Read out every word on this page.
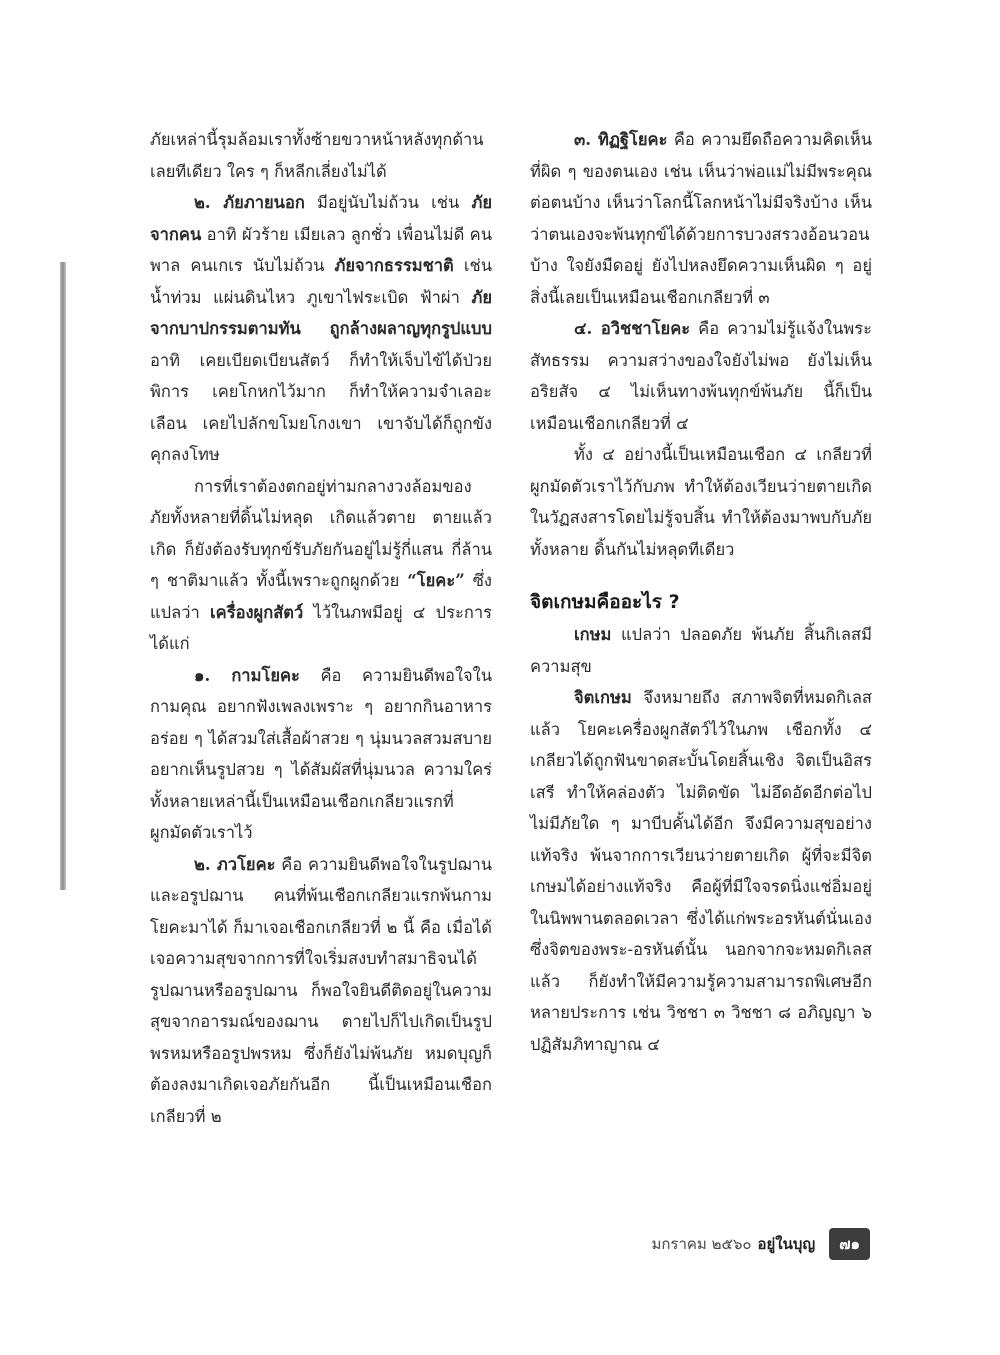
ภัยเหล่านี้รุมล้อมเราทั้งซ้ายขวาหน้าหลังทุกด้านเลยทีเดียว ใคร ๆ ก็หลีกเลี่ยงไม่ได้

๒. ภัยภายนอก มีอยู่นับไม่ถ้วน เช่น ภัยจากคน อาทิ ผัวร้าย เมียเลว ลูกชั่ว เพื่อนไม่ดี คนพาล คนเกเร นับไม่ถ้วน ภัยจากธรรมชาติ เช่น น้ำท่วม แผ่นดินไหว ภูเขาไฟระเบิด ฟ้าผ่า ภัยจากบาปกรรมตามทัน ถูกล้างผลาญทุกรูปแบบ อาทิ เคยเบียดเบียนสัตว์ ก็ทำให้เจ็บไข้ได้ป่วย พิการ เคยโกหกไว้มาก ก็ทำให้ความจำเลอะเลือน เคยไปลักขโมยโกงเขา เขาจับได้ก็ถูกขังคุกลงโทษ

การที่เราต้องตกอยู่ท่ามกลางวงล้อมของภัยทั้งหลายที่ดิ้นไม่หลุด เกิดแล้วตาย ตายแล้วเกิด ก็ยังต้องรับทุกข์รับภัยกันอยู่ไม่รู้กี่แสน กี่ล้าน ๆ ชาติมาแล้ว ทั้งนี้เพราะถูกผูกด้วย “โยคะ” ซึ่งแปลว่า เครื่องผูกสัตว์ ไว้ในภพมีอยู่ ๔ ประการ ได้แก่

๑. กามโยคะ คือ ความยินดีพอใจในกามคุณ อยากฟังเพลงเพราะ ๆ อยากกินอาหารอร่อย ๆ ได้สวมใส่เสื้อผ้าสวย ๆ นุ่มนวลสวมสบาย อยากเห็นรูปสวย ๆ ได้สัมผัสที่นุ่มนวล ความใคร่ทั้งหลายเหล่านี้เป็นเหมือนเชือกเกลียวแรกที่ผูกมัดตัวเราไว้

๒. ภวโยคะ คือ ความยินดีพอใจในรูปฌานและอรูปฌาน คนที่พ้นเชือกเกลียวแรกพ้นกามโยคะมาได้ ก็มาเจอเชือกเกลียวที่ ๒ นี้ คือ เมื่อได้เจอความสุขจากการที่ใจเริ่มสงบทำสมาธิจนได้รูปฌานหรืออรูปฌาน ก็พอใจยินดีติดอยู่ในความสุขจากอารมณ์ของฌาน ตายไปก็ไปเกิดเป็นรูปพรหมหรืออรูปพรหม ซึ่งก็ยังไม่พ้นภัย หมดบุญก็ต้องลงมาเกิดเจอภัยกันอีก นี้เป็นเหมือนเชือกเกลียวที่ ๒

๓. ทิฏฐิโยคะ คือ ความยึดถือความคิดเห็นที่ผิด ๆ ของตนเอง เช่น เห็นว่าพ่อแม่ไม่มีพระคุณต่อตนบ้าง เห็นว่าโลกนี้โลกหน้าไม่มีจริงบ้าง เห็นว่าตนเองจะพ้นทุกข์ได้ด้วยการบวงสรวงอ้อนวอนบ้าง ใจยังมืดอยู่ ยังไปหลงยึดความเห็นผิด ๆ อยู่ สิ่งนี้เลยเป็นเหมือนเชือกเกลียวที่ ๓

๔. อวิชชาโยคะ คือ ความไม่รู้แจ้งในพระสัทธรรม ความสว่างของใจยังไม่พอ ยังไม่เห็นอริยสัจ ๔ ไม่เห็นทางพ้นทุกข์พ้นภัย นี้ก็เป็นเหมือนเชือกเกลียวที่ ๔

ทั้ง ๔ อย่างนี้เป็นเหมือนเชือก ๔ เกลียวที่ผูกมัดตัวเราไว้กับภพ ทำให้ต้องเวียนว่ายตายเกิดในวัฏสงสารโดยไม่รู้จบสิ้น ทำให้ต้องมาพบกับภัยทั้งหลาย ดิ้นกันไม่หลุดทีเดียว

จิตเกษมคืออะไร ?

เกษม แปลว่า ปลอดภัย พ้นภัย สิ้นกิเลสมีความสุข

จิตเกษม จึงหมายถึง สภาพจิตที่หมดกิเลสแล้ว โยคะเครื่องผูกสัตว์ไว้ในภพ เชือกทั้ง ๔ เกลียวได้ถูกฟันขาดสะบั้นโดยสิ้นเชิง จิตเป็นอิสรเสรี ทำให้คล่องตัว ไม่ติดขัด ไม่อึดอัดอีกต่อไป ไม่มีภัยใด ๆ มาบีบคั้นได้อีก จึงมีความสุขอย่างแท้จริง พ้นจากการเวียนว่ายตายเกิด ผู้ที่จะมีจิตเกษมได้อย่างแท้จริง คือผู้ที่มีใจจรดนิ่งแช่อิ่มอยู่ในนิพพานตลอดเวลา ซึ่งได้แก่พระอรหันต์นั่นเอง ซึ่งจิตของพระ-อรหันต์นั้น นอกจากจะหมดกิเลสแล้ว ก็ยังทำให้มีความรู้ความสามารถพิเศษอีกหลายประการ เช่น วิชชา ๓ วิชชา ๘ อภิญญา ๖ ปฏิสัมภิทาญาณ ๔

มกราคม ๒๕๖๐ อยู่ในบุญ	๗๑
